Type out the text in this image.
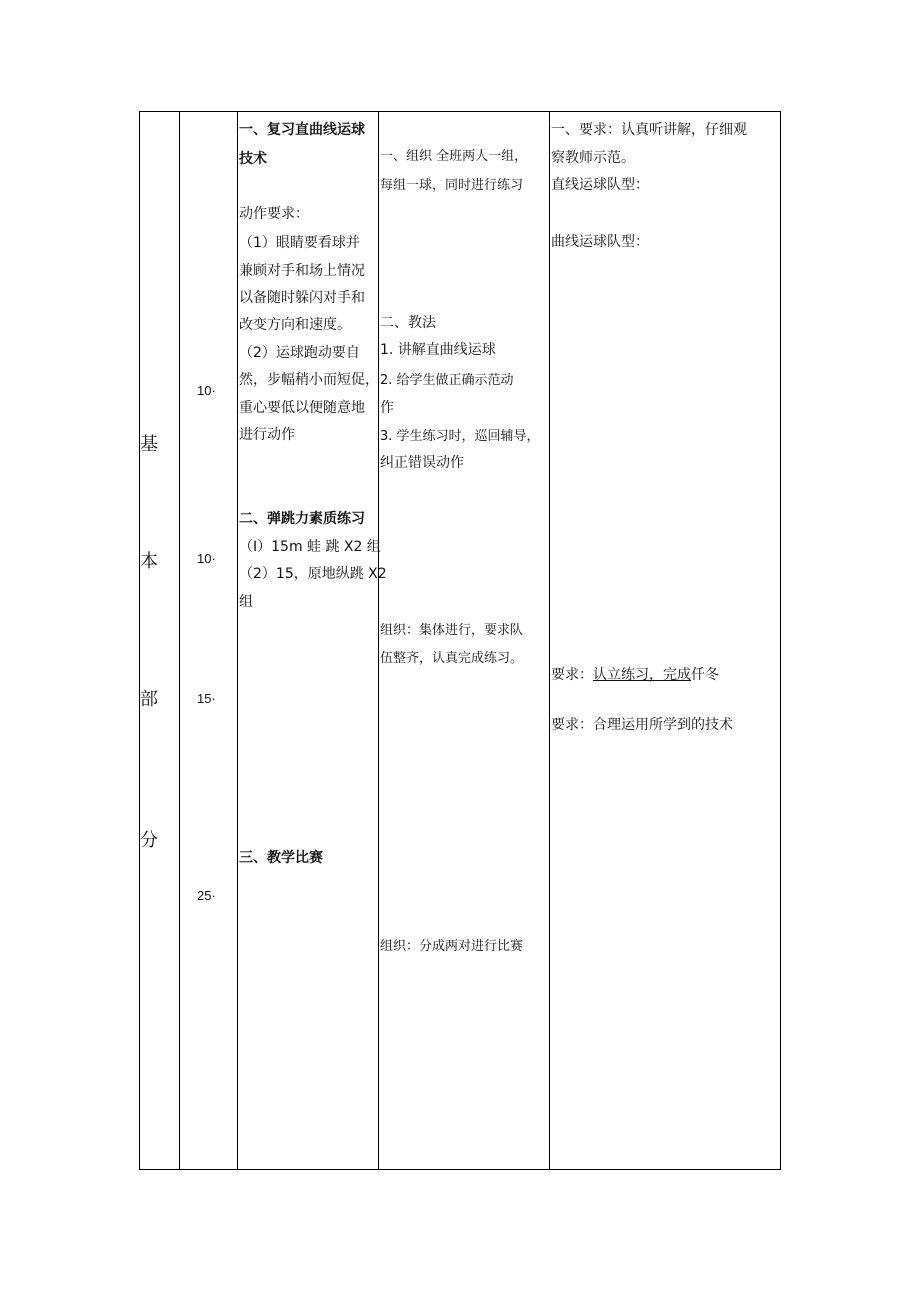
基
本
部
分
10·
10·
15·
25·
一、复习直曲线运球
技术
动作要求：
（1）眼睛要看球并
兼顾对手和场上情况
以备随时躲闪对手和
改变方向和速度。
（2）运球跑动要自
然，步幅稍小而短促，
重心要低以便随意地
进行动作
二、弹跳力素质练习
（I）15m 蛙 跳 X2 组
（2）15，原地纵跳 X2
组
三、教学比赛
一、组织 全班两人一组，
每组一球，同时进行练习
二、教法
1. 讲解直曲线运球
2. 给学生做正确示范动
作
3. 学生练习时，巡回辅导，
纠正错误动作
组织：集体进行，要求队
伍整齐，认真完成练习。
组织：分成两对进行比赛
一、要求：认真听讲解，仔细观
察教师示范。
直线运球队型：
曲线运球队型：
要求：认立练习，完成仟冬
要求：合理运用所学到的技术
